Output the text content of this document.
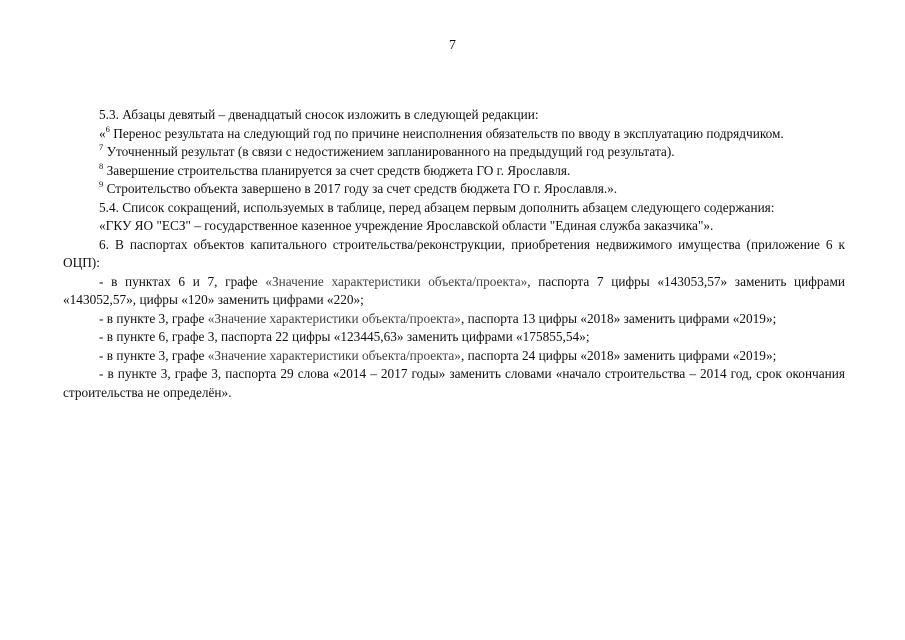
7

5.3. Абзацы девятый – двенадцатый сносок изложить в следующей редакции:

«$^6$ Перенос результата на следующий год по причине неисполнения обязательств по вводу в эксплуатацию подрядчиком.

$^7$ Уточненный результат (в связи с недостижением запланированного на предыдущий год результата).

$^8$ Завершение строительства планируется за счет средств бюджета ГО г. Ярославля.

$^9$ Строительство объекта завершено в 2017 году за счет средств бюджета ГО г. Ярославля.».

5.4. Список сокращений, используемых в таблице, перед абзацем первым дополнить абзацем следующего содержания:

«ГКУ ЯО "ЕСЗ" – государственное казенное учреждение Ярославской области "Единая служба заказчика"».

6. В паспортах объектов капитального строительства/реконструкции, приобретения недвижимого имущества (приложение 6 к ОЦП):

- в пунктах 6 и 7, графе «Значение характеристики объекта/проекта», паспорта 7 цифры «143053,57» заменить цифрами «143052,57», цифры «120» заменить цифрами «220»;

- в пункте 3, графе «Значение характеристики объекта/проекта», паспорта 13 цифры «2018» заменить цифрами «2019»;

- в пункте 6, графе 3, паспорта 22 цифры «123445,63» заменить цифрами «175855,54»;

- в пункте 3, графе «Значение характеристики объекта/проекта», паспорта 24 цифры «2018» заменить цифрами «2019»;

- в пункте 3, графе 3, паспорта 29 слова «2014 – 2017 годы» заменить словами «начало строительства – 2014 год, срок окончания строительства не определён».
